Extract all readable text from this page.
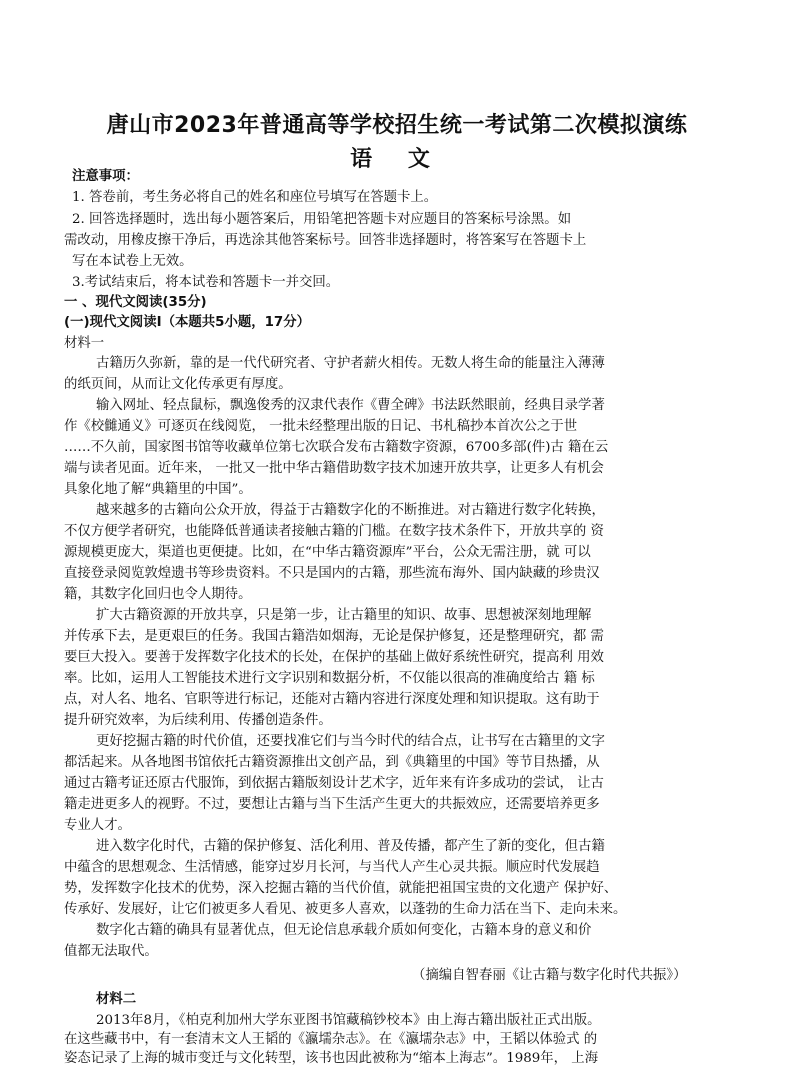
唐山市2023年普通高等学校招生统一考试第二次模拟演练
语 文
注意事项：
1. 答卷前，考生务必将自己的姓名和座位号填写在答题卡上。
2. 回答选择题时，选出每小题答案后，用铅笔把答题卡对应题目的答案标号涂黑。如
需改动，用橡皮擦干净后，再选涂其他答案标号。回答非选择题时，将答案写在答题卡上
写在本试卷上无效。
3.考试结束后，将本试卷和答题卡一并交回。
一 、现代文阅读(35分)
(一)现代文阅读Ⅰ（本题共5小题，17分）
材料一
古籍历久弥新，靠的是一代代研究者、守护者薪火相传。无数人将生命的能量注入薄薄
的纸页间，从而让文化传承更有厚度。
输入网址、轻点鼠标，飘逸俊秀的汉隶代表作《曹全碑》书法跃然眼前，经典目录学著
作《校雠通义》可逐页在线阅览， 一批未经整理出版的日记、书札稿抄本首次公之于世
……不久前，国家图书馆等收藏单位第七次联合发布古籍数字资源，6700多部(件)古 籍在云
端与读者见面。近年来， 一批又一批中华古籍借助数字技术加速开放共享，让更多人有机会
具象化地了解“典籍里的中国”。
越来越多的古籍向公众开放，得益于古籍数字化的不断推进。对古籍进行数字化转换，
不仅方便学者研究，也能降低普通读者接触古籍的门槛。在数字技术条件下，开放共享的 资
源规模更庞大，渠道也更便捷。比如，在“中华古籍资源库”平台，公众无需注册，就 可以
直接登录阅览敦煌遗书等珍贵资料。不只是国内的古籍，那些流布海外、国内缺藏的珍贵汉
籍，其数字化回归也令人期待。
扩大古籍资源的开放共享，只是第一步，让古籍里的知识、故事、思想被深刻地理解
并传承下去，是更艰巨的任务。我国古籍浩如烟海，无论是保护修复，还是整理研究，都 需
要巨大投入。要善于发挥数字化技术的长处，在保护的基础上做好系统性研究，提高利 用效
率。比如，运用人工智能技术进行文字识别和数据分析，不仅能以很高的准确度给古 籍 标
点，对人名、地名、官职等进行标记，还能对古籍内容进行深度处理和知识提取。这有助于
提升研究效率，为后续利用、传播创造条件。
更好挖掘古籍的时代价值，还要找准它们与当今时代的结合点，让书写在古籍里的文字
都活起来。从各地图书馆依托古籍资源推出文创产品，到《典籍里的中国》等节目热播，从
通过古籍考证还原古代服饰，到依据古籍版刻设计艺术字，近年来有许多成功的尝试， 让古
籍走进更多人的视野。不过，要想让古籍与当下生活产生更大的共振效应，还需要培养更多
专业人才。
进入数字化时代，古籍的保护修复、活化利用、普及传播，都产生了新的变化，但古籍
中蕴含的思想观念、生活情感，能穿过岁月长河，与当代人产生心灵共振。顺应时代发展趋
势，发挥数字化技术的优势，深入挖掘古籍的当代价值，就能把祖国宝贵的文化遗产 保护好、
传承好、发展好，让它们被更多人看见、被更多人喜欢，以蓬勃的生命力活在当下、走向未来。
数字化古籍的确具有显著优点，但无论信息承载介质如何变化，古籍本身的意义和价
值都无法取代。
（摘编自智春丽《让古籍与数字化时代共振》）
材料二
2013年8月，《柏克利加州大学东亚图书馆藏稿钞校本》由上海古籍出版社正式出版。
在这些藏书中，有一套清末文人王韬的《瀛壖杂志》。在《瀛壖杂志》中，王韬以体验式 的
姿态记录了上海的城市变迁与文化转型，该书也因此被称为“缩本上海志”。1989年， 上海
